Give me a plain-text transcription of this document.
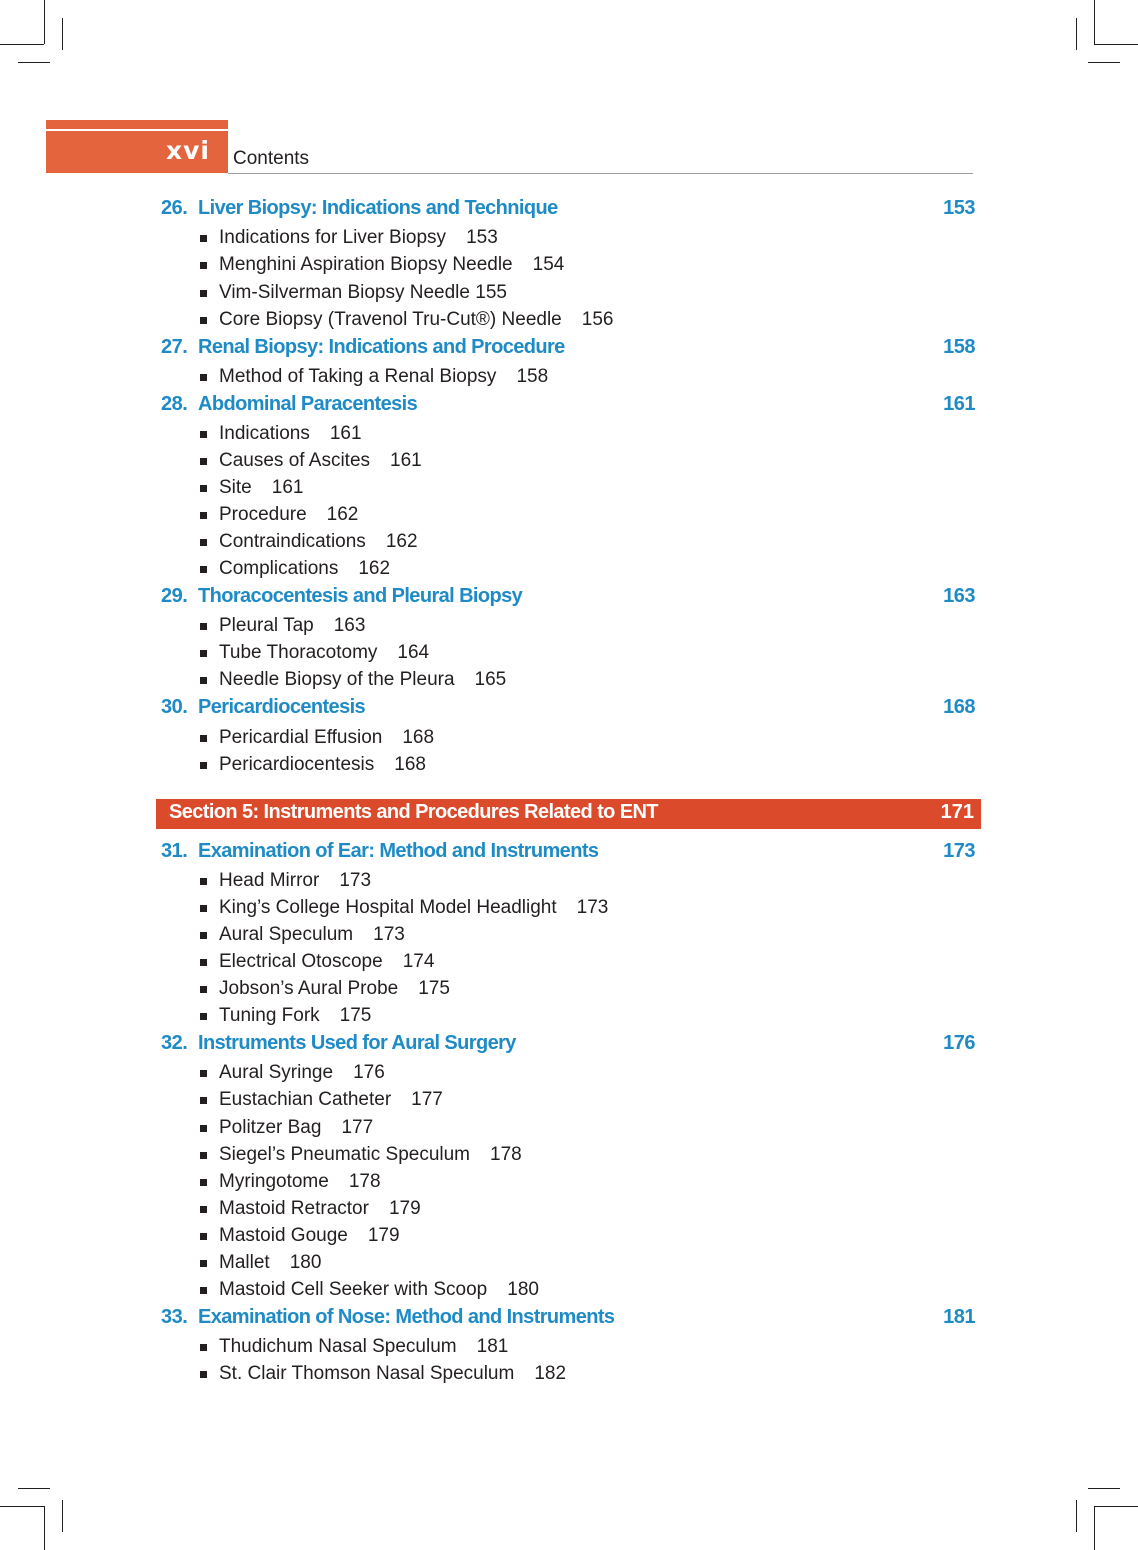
xvi Contents
26. Liver Biopsy: Indications and Technique	153
Indications for Liver Biopsy 153
Menghini Aspiration Biopsy Needle 154
Vim-Silverman Biopsy Needle 155
Core Biopsy (Travenol Tru-Cut®) Needle 156
27. Renal Biopsy: Indications and Procedure	158
Method of Taking a Renal Biopsy 158
28. Abdominal Paracentesis	161
Indications 161
Causes of Ascites 161
Site 161
Procedure 162
Contraindications 162
Complications 162
29. Thoracocentesis and Pleural Biopsy	163
Pleural Tap 163
Tube Thoracotomy 164
Needle Biopsy of the Pleura 165
30. Pericardiocentesis	168
Pericardial Effusion 168
Pericardiocentesis 168
Section 5: Instruments and Procedures Related to ENT	171
31. Examination of Ear: Method and Instruments	173
Head Mirror 173
King’s College Hospital Model Headlight 173
Aural Speculum 173
Electrical Otoscope 174
Jobson’s Aural Probe 175
Tuning Fork 175
32. Instruments Used for Aural Surgery	176
Aural Syringe 176
Eustachian Catheter 177
Politzer Bag 177
Siegel’s Pneumatic Speculum 178
Myringotome 178
Mastoid Retractor 179
Mastoid Gouge 179
Mallet 180
Mastoid Cell Seeker with Scoop 180
33. Examination of Nose: Method and Instruments	181
Thudichum Nasal Speculum 181
St. Clair Thomson Nasal Speculum 182
